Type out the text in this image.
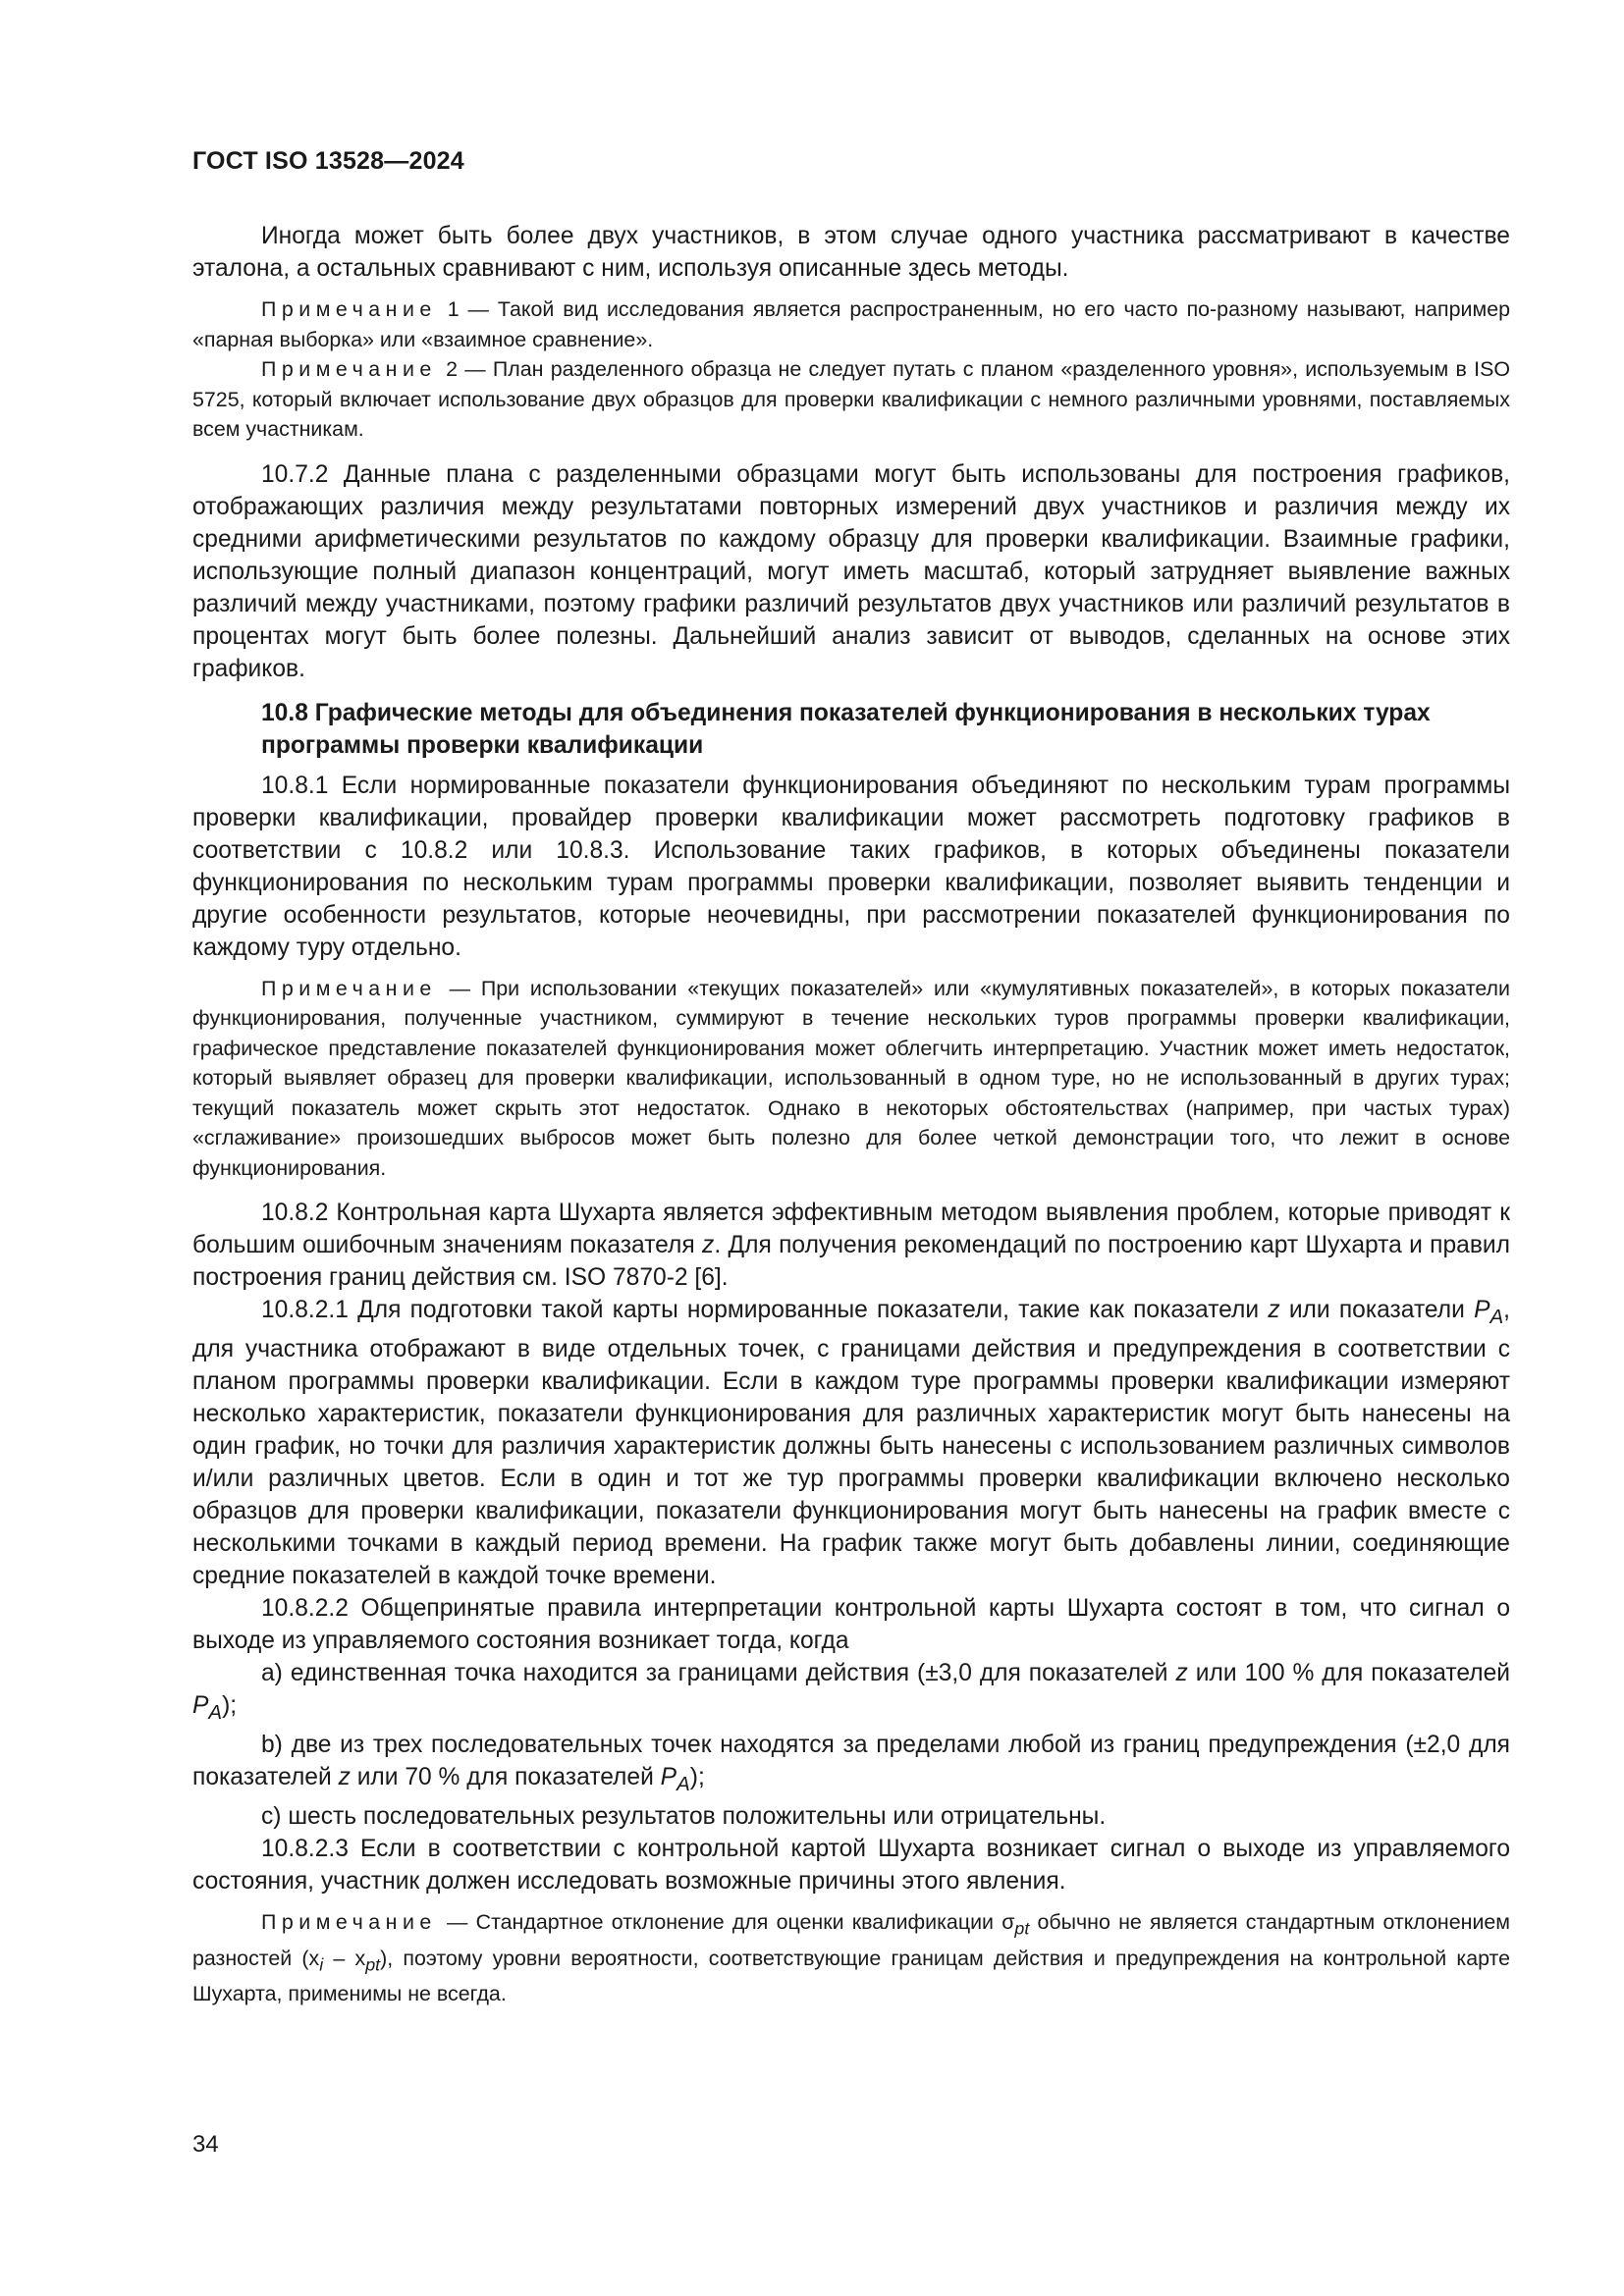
ГОСТ ISO 13528—2024

Иногда может быть более двух участников, в этом случае одного участника рассматривают в качестве эталона, а остальных сравнивают с ним, используя описанные здесь методы.

Примечание 1 — Такой вид исследования является распространенным, но его часто по-разному называют, например «парная выборка» или «взаимное сравнение».

Примечание 2 — План разделенного образца не следует путать с планом «разделенного уровня», используемым в ISO 5725, который включает использование двух образцов для проверки квалификации с немного различными уровнями, поставляемых всем участникам.

10.7.2 Данные плана с разделенными образцами могут быть использованы для построения графиков, отображающих различия между результатами повторных измерений двух участников и различия между их средними арифметическими результатов по каждому образцу для проверки квалификации. Взаимные графики, использующие полный диапазон концентраций, могут иметь масштаб, который затрудняет выявление важных различий между участниками, поэтому графики различий результатов двух участников или различий результатов в процентах могут быть более полезны. Дальнейший анализ зависит от выводов, сделанных на основе этих графиков.

10.8 Графические методы для объединения показателей функционирования в нескольких турах программы проверки квалификации

10.8.1 Если нормированные показатели функционирования объединяют по нескольким турам программы проверки квалификации, провайдер проверки квалификации может рассмотреть подготовку графиков в соответствии с 10.8.2 или 10.8.3. Использование таких графиков, в которых объединены показатели функционирования по нескольким турам программы проверки квалификации, позволяет выявить тенденции и другие особенности результатов, которые неочевидны, при рассмотрении показателей функционирования по каждому туру отдельно.

Примечание — При использовании «текущих показателей» или «кумулятивных показателей», в которых показатели функционирования, полученные участником, суммируют в течение нескольких туров программы проверки квалификации, графическое представление показателей функционирования может облегчить интерпретацию. Участник может иметь недостаток, который выявляет образец для проверки квалификации, использованный в одном туре, но не использованный в других турах; текущий показатель может скрыть этот недостаток. Однако в некоторых обстоятельствах (например, при частых турах) «сглаживание» произошедших выбросов может быть полезно для более четкой демонстрации того, что лежит в основе функционирования.

10.8.2 Контрольная карта Шухарта является эффективным методом выявления проблем, которые приводят к большим ошибочным значениям показателя z. Для получения рекомендаций по построению карт Шухарта и правил построения границ действия см. ISO 7870-2 [6].

10.8.2.1 Для подготовки такой карты нормированные показатели, такие как показатели z или показатели $P_A$, для участника отображают в виде отдельных точек, с границами действия и предупреждения в соответствии с планом программы проверки квалификации. Если в каждом туре программы проверки квалификации измеряют несколько характеристик, показатели функционирования для различных характеристик могут быть нанесены на один график, но точки для различия характеристик должны быть нанесены с использованием различных символов и/или различных цветов. Если в один и тот же тур программы проверки квалификации включено несколько образцов для проверки квалификации, показатели функционирования могут быть нанесены на график вместе с несколькими точками в каждый период времени. На график также могут быть добавлены линии, соединяющие средние показателей в каждой точке времени.

10.8.2.2 Общепринятые правила интерпретации контрольной карты Шухарта состоят в том, что сигнал о выходе из управляемого состояния возникает тогда, когда

a) единственная точка находится за границами действия (±3,0 для показателей z или 100 % для показателей $P_A$);

b) две из трех последовательных точек находятся за пределами любой из границ предупреждения (±2,0 для показателей z или 70 % для показателей $P_A$);

c) шесть последовательных результатов положительны или отрицательны.

10.8.2.3 Если в соответствии с контрольной картой Шухарта возникает сигнал о выходе из управляемого состояния, участник должен исследовать возможные причины этого явления.

Примечание — Стандартное отклонение для оценки квалификации $\sigma_{pt}$ обычно не является стандартным отклонением разностей $(x_i - x_{pt})$, поэтому уровни вероятности, соответствующие границам действия и предупреждения на контрольной карте Шухарта, применимы не всегда.

34
